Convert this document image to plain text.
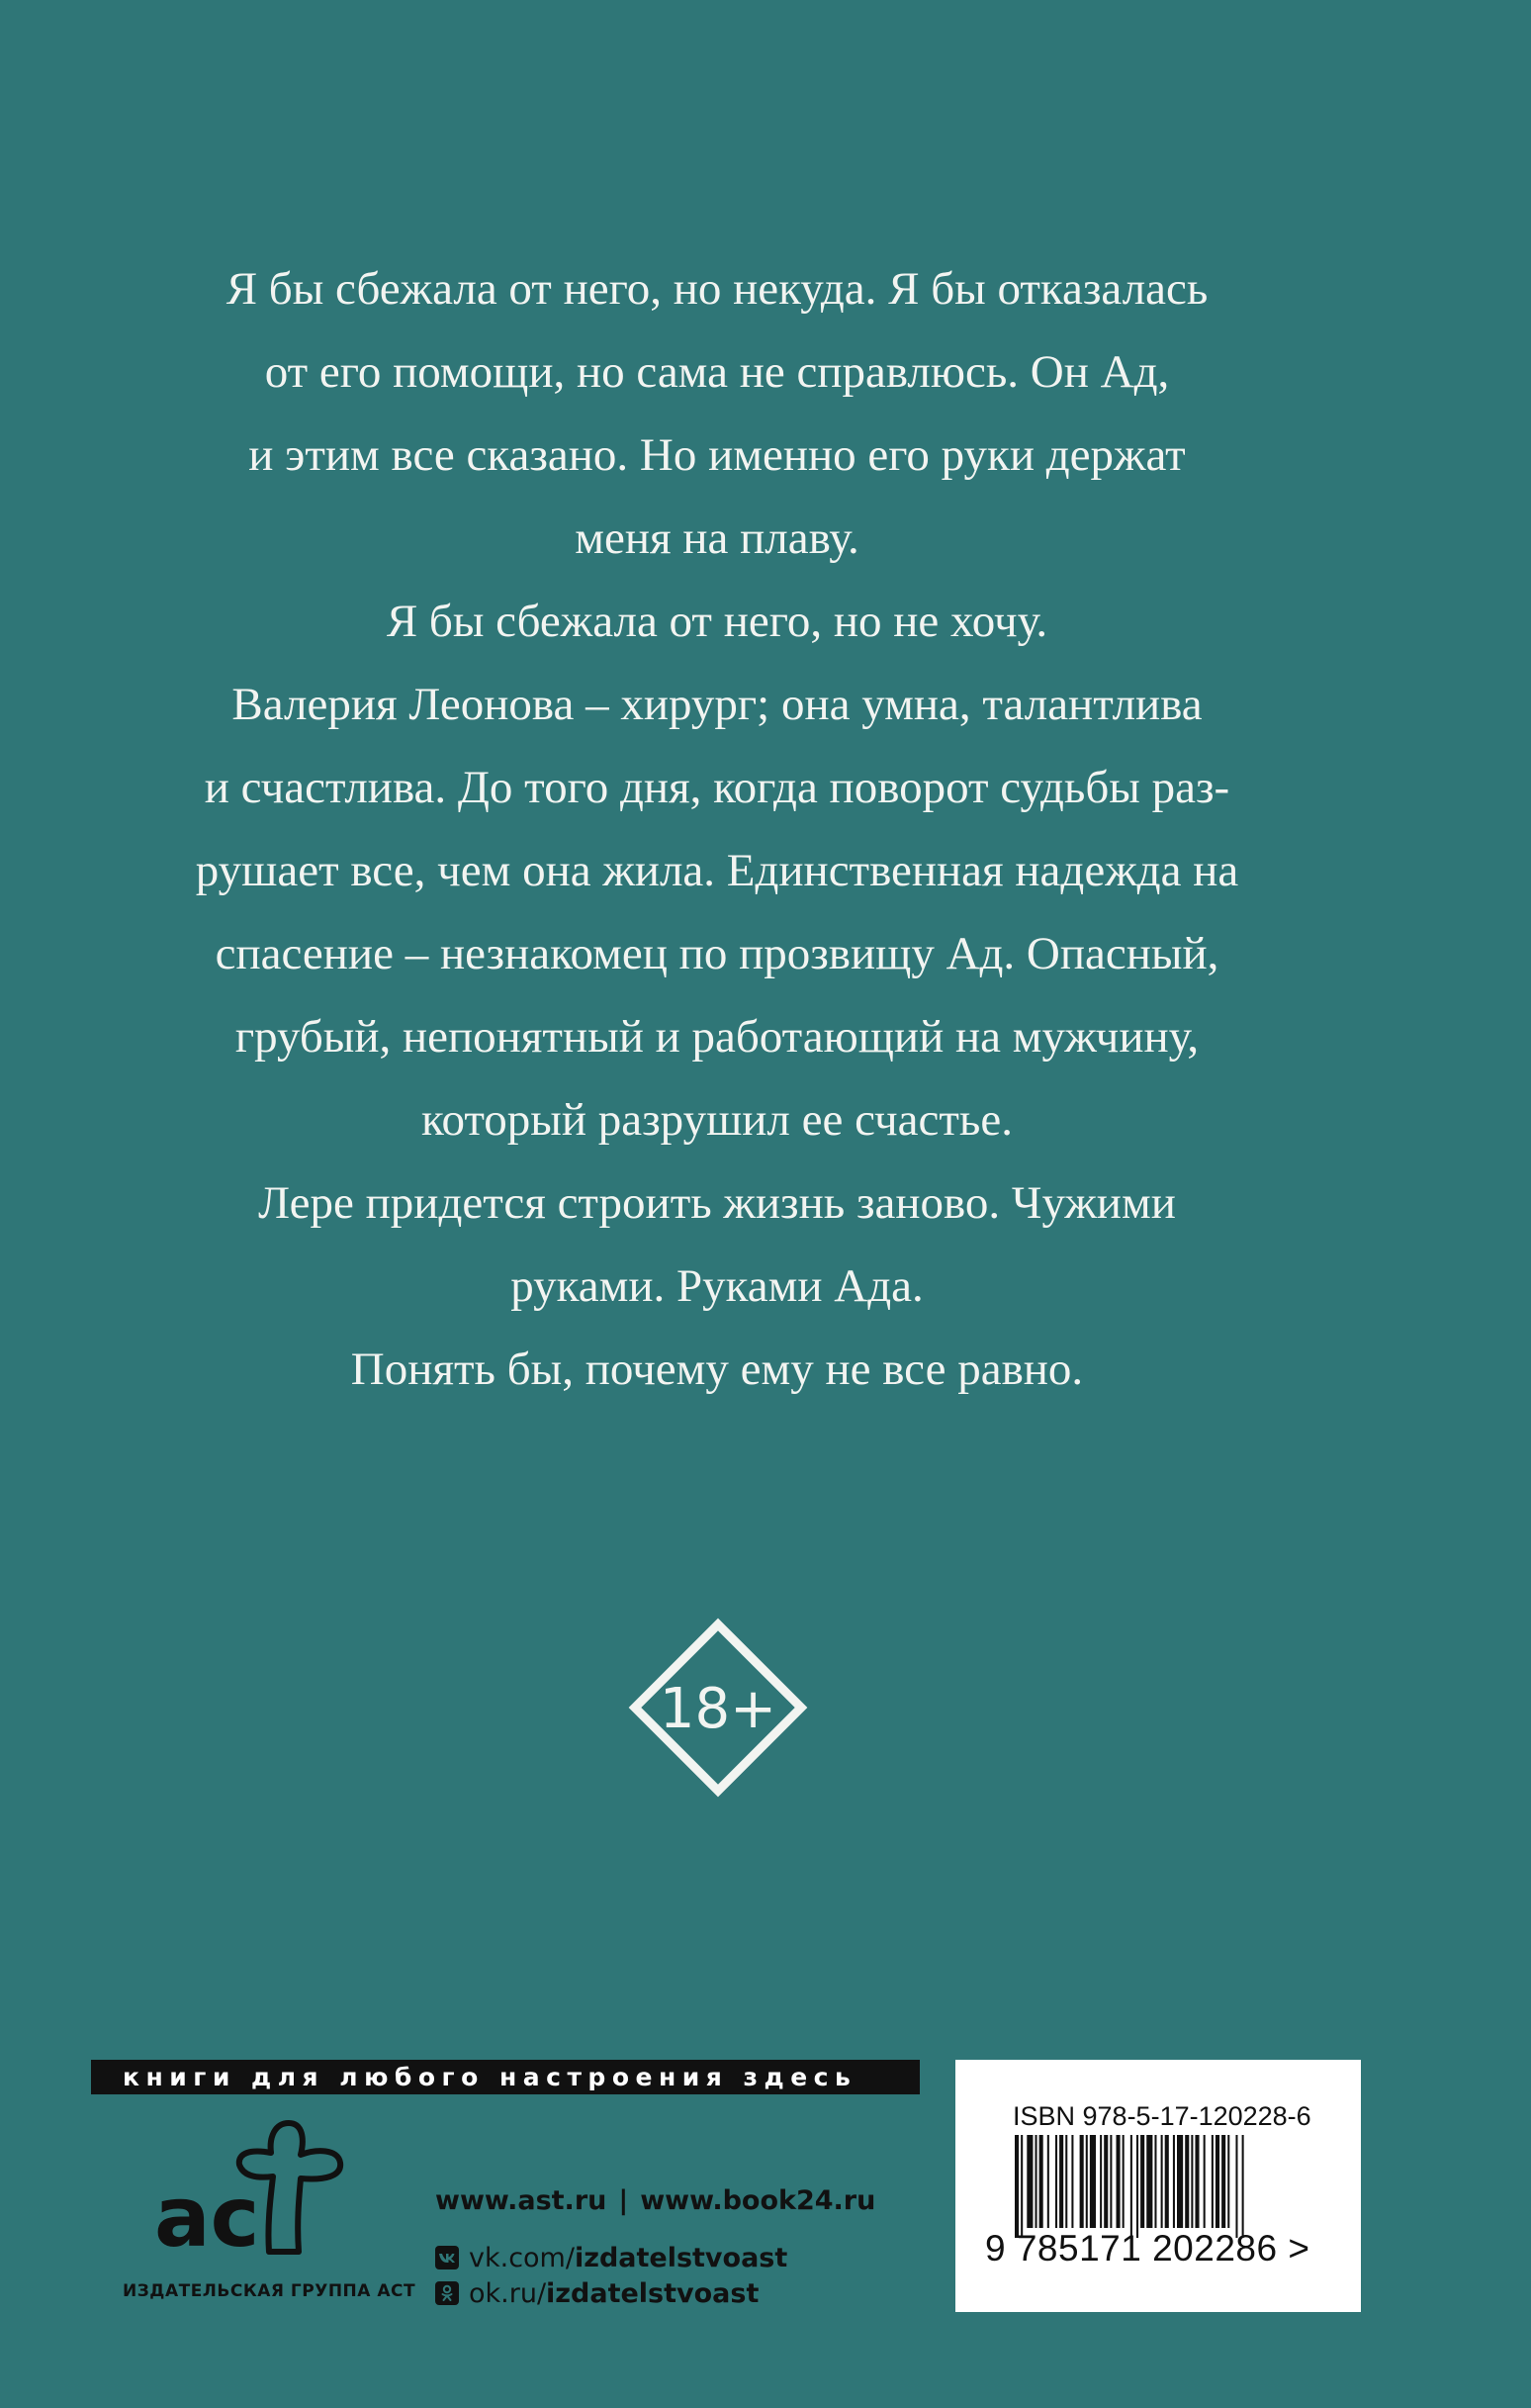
Я бы сбежала от него, но некуда. Я бы отказалась
от его помощи, но сама не справлюсь. Он Ад,
и этим все сказано. Но именно его руки держат
меня на плаву.
Я бы сбежала от него, но не хочу.
Валерия Леонова – хирург; она умна, талантлива
и счастлива. До того дня, когда поворот судьбы раз-
рушает все, чем она жила. Единственная надежда на
спасение – незнакомец по прозвищу Ад. Опасный,
грубый, непонятный и работающий на мужчину,
который разрушил ее счастье.
Лере придется строить жизнь заново. Чужими
руками. Руками Ада.
Понять бы, почему ему не все равно.
18+
книги для любого настроения здесь
ac
ИЗДАТЕЛЬСКАЯ ГРУППА АСТ
www.ast.ru | www.book24.ru
vk.com/ izdatelstvoast
ok.ru/ izdatelstvoast
ISBN 978-5-17-120228-6
9 785171 202286 >
